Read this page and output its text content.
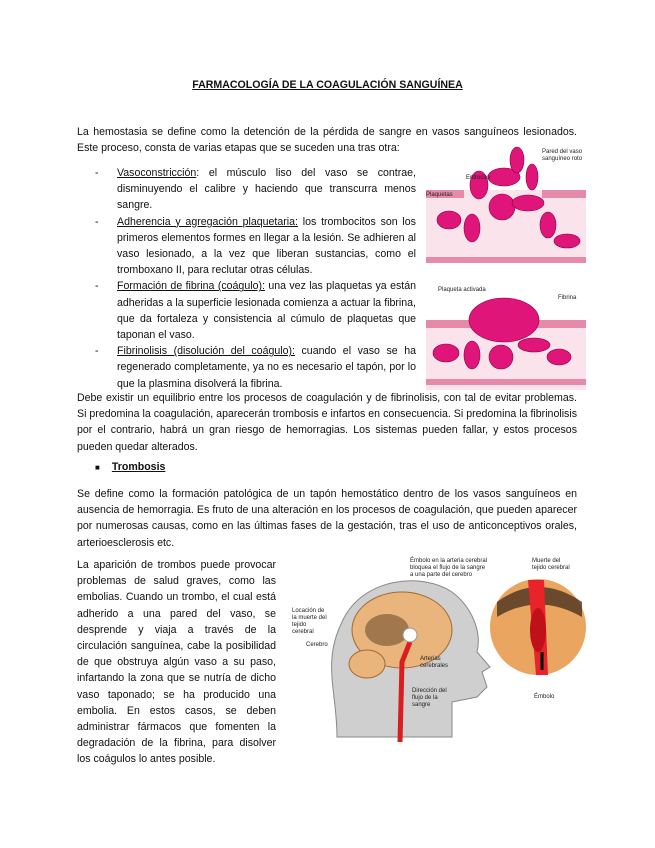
FARMACOLOGÍA DE LA COAGULACIÓN SANGUÍNEA

La hemostasia se define como la detención de la pérdida de sangre en vasos sanguíneos lesionados. Este proceso, consta de varias etapas que se suceden una tras otra:

- Vasoconstricción: el músculo liso del vaso se contrae, disminuyendo el calibre y haciendo que transcurra menos sangre.

- Adherencia y agregación plaquetaria: los trombocitos son los primeros elementos formes en llegar a la lesión. Se adhieren al vaso lesionado, a la vez que liberan sustancias, como el tromboxano II, para reclutar otras células.

- Formación de fibrina (coágulo): una vez las plaquetas ya están adheridas a la superficie lesionada comienza a actuar la fibrina, que da fortaleza y consistencia al cúmulo de plaquetas que taponan el vaso.

- Fibrinolisis (disolución del coágulo): cuando el vaso se ha regenerado completamente, ya no es necesario el tapón, por lo que la plasmina disolverá la fibrina.

Eritrocito
Pared del vaso sanguíneo roto
Plaquetas
Plaqueta activada
Fibrina

Debe existir un equilibrio entre los procesos de coagulación y de fibrinolisis, con tal de evitar problemas. Si predomina la coagulación, aparecerán trombosis e infartos en consecuencia. Si predomina la fibrinolisis por el contrario, habrá un gran riesgo de hemorragias. Los sistemas pueden fallar, y estos procesos pueden quedar alterados.

■ Trombosis

Se define como la formación patológica de un tapón hemostático dentro de los vasos sanguíneos en ausencia de hemorragia. Es fruto de una alteración en los procesos de coagulación, que pueden aparecer por numerosas causas, como en las últimas fases de la gestación, tras el uso de anticonceptivos orales, arterioesclerosis etc.

La aparición de trombos puede provocar problemas de salud graves, como las embolias. Cuando un trombo, el cual está adherido a una pared del vaso, se desprende y viaja a través de la circulación sanguínea, cabe la posibilidad de que obstruya algún vaso a su paso, infartando la zona que se nutría de dicho vaso taponado; se ha producido una embolia. En estos casos, se deben administrar fármacos que fomenten la degradación de la fibrina, para disolver los coágulos lo antes posible.

Émbolo en la arteria cerebral bloquea el flujo de la sangre a una parte del cerebro
Muerte del tejido cerebral
Locación de la muerte del tejido cerebral
Cerebro
Arterias cerebrales
Dirección del flujo de la sangre
Émbolo
